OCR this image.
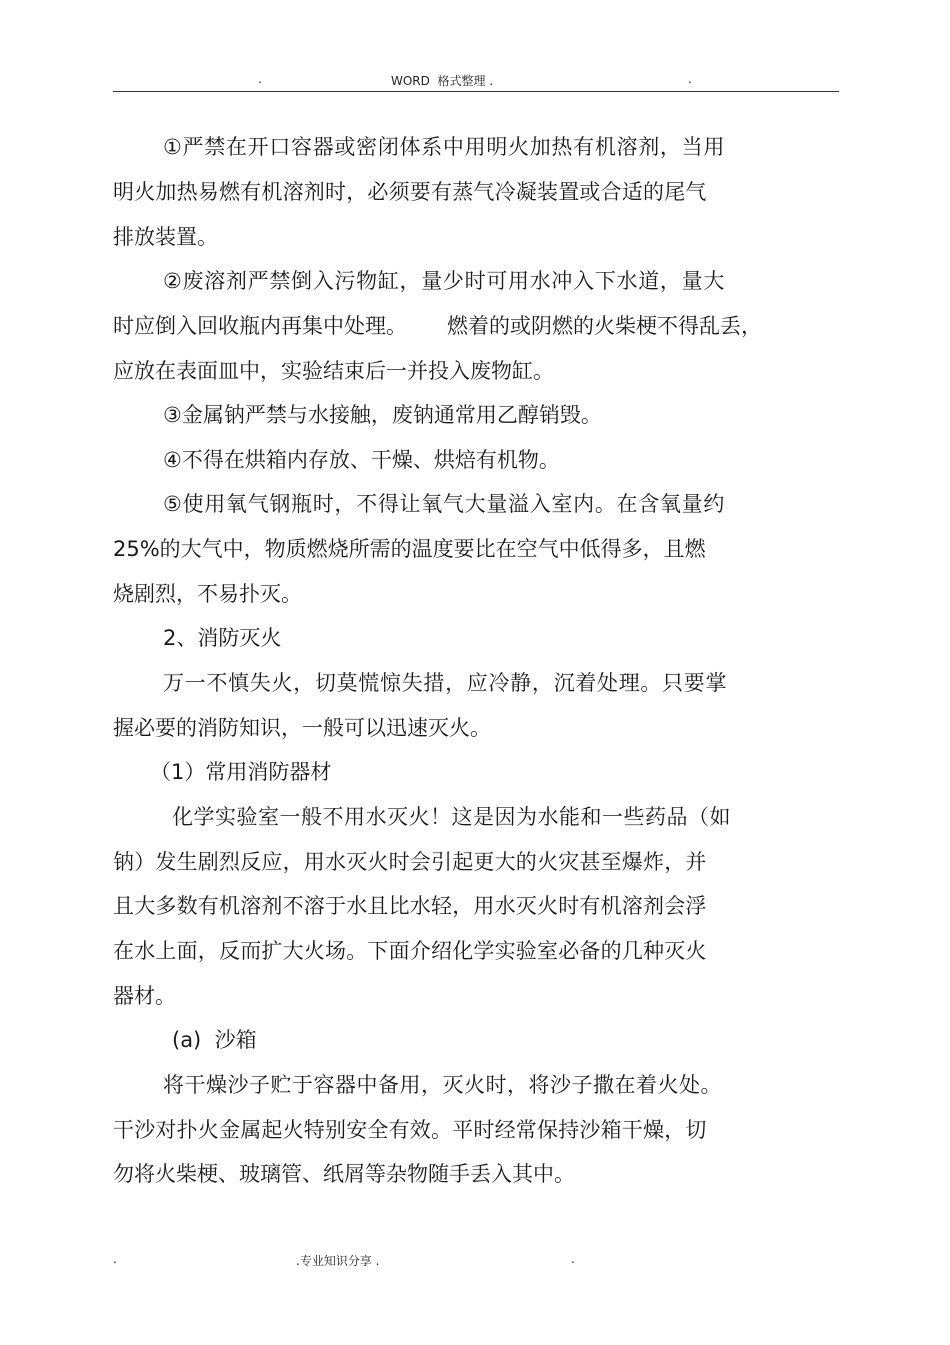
.	WORD  格式整理 .	.
①严禁在开口容器或密闭体系中用明火加热有机溶剂，当用
明火加热易燃有机溶剂时，必须要有蒸气冷凝装置或合适的尾气
排放装置。
②废溶剂严禁倒入污物缸，量少时可用水冲入下水道，量大
时应倒入回收瓶内再集中处理。      燃着的或阴燃的火柴梗不得乱丢，
应放在表面皿中，实验结束后一并投入废物缸。
③金属钠严禁与水接触，废钠通常用乙醇销毁。
④不得在烘箱内存放、干燥、烘焙有机物。
⑤使用氧气钢瓶时，不得让氧气大量溢入室内。在含氧量约
25%的大气中，物质燃烧所需的温度要比在空气中低得多，且燃
烧剧烈，不易扑灭。
2、消防灭火
万一不慎失火，切莫慌惊失措，应冷静，沉着处理。只要掌
握必要的消防知识，一般可以迅速灭火。
（1）常用消防器材
化学实验室一般不用水灭火！这是因为水能和一些药品（如
钠）发生剧烈反应，用水灭火时会引起更大的火灾甚至爆炸，并
且大多数有机溶剂不溶于水且比水轻，用水灭火时有机溶剂会浮
在水上面，反而扩大火场。下面介绍化学实验室必备的几种灭火
器材。
(a)  沙箱
将干燥沙子贮于容器中备用，灭火时，将沙子撒在着火处。
干沙对扑火金属起火特别安全有效。平时经常保持沙箱干燥，切
勿将火柴梗、玻璃管、纸屑等杂物随手丢入其中。
.	.专业知识分享 .	.
